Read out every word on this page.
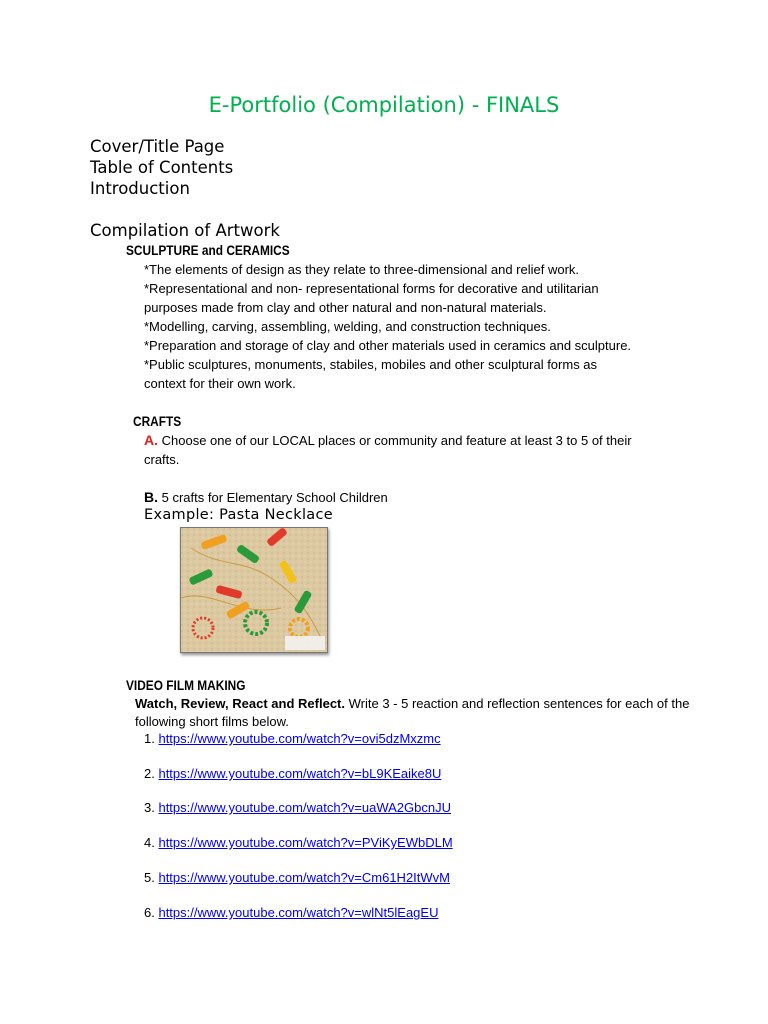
E-Portfolio (Compilation) - FINALS
Cover/Title Page
Table of Contents
Introduction
Compilation of Artwork
SCULPTURE and CERAMICS
*The elements of design as they relate to three-dimensional and relief work.
*Representational and non- representational forms for decorative and utilitarian
purposes made from clay and other natural and non-natural materials.
*Modelling, carving, assembling, welding, and construction techniques.
*Preparation and storage of clay and other materials used in ceramics and sculpture.
*Public sculptures, monuments, stabiles, mobiles and other sculptural forms as
context for their own work.
CRAFTS
A. Choose one of our LOCAL places or community and feature at least 3 to 5 of their
crafts.
B. 5 crafts for Elementary School Children
Example: Pasta Necklace
VIDEO FILM MAKING
Watch, Review, React and Reflect. Write 3 - 5 reaction and reflection sentences for each of the
following short films below.
1. https://www.youtube.com/watch?v=ovi5dzMxzmc
2. https://www.youtube.com/watch?v=bL9KEaike8U
3. https://www.youtube.com/watch?v=uaWA2GbcnJU
4. https://www.youtube.com/watch?v=PViKyEWbDLM
5. https://www.youtube.com/watch?v=Cm61H2ItWvM
6. https://www.youtube.com/watch?v=wlNt5lEagEU
